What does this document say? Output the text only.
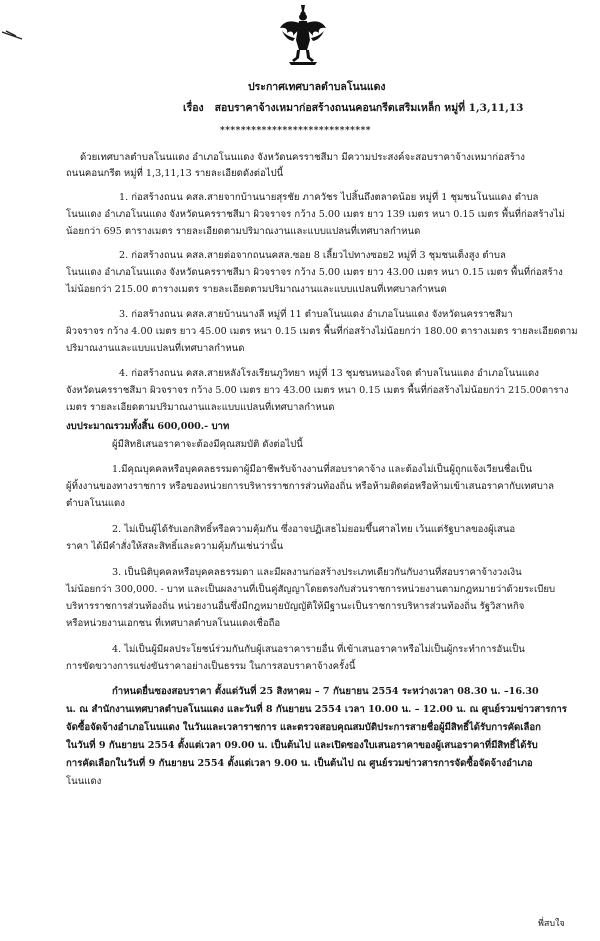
ประกาศเทศบาลตำบลโนนแดง
เรื่อง สอบราคาจ้างเหมาก่อสร้างถนนคอนกรีตเสริมเหล็ก หมู่ที่ 1,3,11,13
*****************************
ด้วยเทศบาลตำบลโนนแดง อำเภอโนนแดง จังหวัดนครราชสีมา มีความประสงค์จะสอบราคาจ้างเหมาก่อสร้าง
ถนนคอนกรีต หมู่ที่ 1,3,11,13 รายละเอียดดังต่อไปนี้
1. ก่อสร้างถนน คสล.สายจากบ้านนายสุรชัย ภาควัชร ไปสิ้นถึงตลาดน้อย หมู่ที่ 1 ชุมชนโนนแดง ตำบล
โนนแดง อำเภอโนนแดง จังหวัดนครราชสีมา ผิวจราจร กว้าง 5.00 เมตร ยาว 139 เมตร หนา 0.15 เมตร พื้นที่ก่อสร้างไม่
น้อยกว่า 695 ตารางเมตร รายละเอียดตามปริมาณงานและแบบแปลนที่เทศบาลกำหนด
2. ก่อสร้างถนน คสล.สายต่อจากถนนคสล.ซอย 8 เลี้ยวไปทางซอย2 หมู่ที่ 3 ชุมชนเต็งสูง ตำบล
โนนแดง อำเภอโนนแดง จังหวัดนครราชสีมา ผิวจราจร กว้าง 5.00 เมตร ยาว 43.00 เมตร หนา 0.15 เมตร พื้นที่ก่อสร้าง
ไม่น้อยกว่า 215.00 ตารางเมตร รายละเอียดตามปริมาณงานและแบบแปลนที่เทศบาลกำหนด
3. ก่อสร้างถนน คสล.สายบ้านนางลี หมู่ที่ 11 ตำบลโนนแดง อำเภอโนนแดง จังหวัดนครราชสีมา
ผิวจราจร กว้าง 4.00 เมตร ยาว 45.00 เมตร หนา 0.15 เมตร พื้นที่ก่อสร้างไม่น้อยกว่า 180.00 ตารางเมตร รายละเอียดตาม
ปริมาณงานและแบบแปลนที่เทศบาลกำหนด
4. ก่อสร้างถนน คสล.สายหลังโรงเรียนภูวิทยา หมู่ที่ 13 ชุมชนหนองโจด ตำบลโนนแดง อำเภอโนนแดง
จังหวัดนครราชสีมา ผิวจราจร กว้าง 5.00 เมตร ยาว 43.00 เมตร หนา 0.15 เมตร พื้นที่ก่อสร้างไม่น้อยกว่า 215.00ตาราง
เมตร รายละเอียดตามปริมาณงานและแบบแปลนที่เทศบาลกำหนด
งบประมาณรวมทั้งสิ้น 600,000.- บาท
ผู้มีสิทธิเสนอราคาจะต้องมีคุณสมบัติ ดังต่อไปนี้
1.มีคุณบุคคลหรือบุคคลธรรมดาผู้มีอาชีพรับจ้างงานที่สอบราคาจ้าง และต้องไม่เป็นผู้ถูกแจ้งเวียนชื่อเป็น
ผู้ทิ้งงานของทางราชการ หรือของหน่วยการบริหารราชการส่วนท้องถิ่น หรือห้ามติดต่อหรือห้ามเข้าเสนอราคากับเทศบาล
ตำบลโนนแดง
2. ไม่เป็นผู้ได้รับเอกสิทธิ์หรือความคุ้มกัน ซึ่งอาจปฏิเสธไม่ยอมขึ้นศาลไทย เว้นแต่รัฐบาลของผู้เสนอ
ราคา ได้มีคำสั่งให้สละสิทธิ์และความคุ้มกันเช่นว่านั้น
3. เป็นนิติบุคคลหรือบุคคลธรรมดา และมีผลงานก่อสร้างประเภทเดียวกันกับงานที่สอบราคาจ้างวงเงิน
ไม่น้อยกว่า 300,000. - บาท และเป็นผลงานที่เป็นคู่สัญญาโดยตรงกับส่วนราชการหน่วยงานตามกฎหมายว่าด้วยระเบียบ
บริหารราชการส่วนท้องถิ่น หน่วยงานอื่นซึ่งมีกฎหมายบัญญัติให้มีฐานะเป็นราชการบริหารส่วนท้องถิ่น รัฐวิสาหกิจ
หรือหน่วยงานเอกชน ที่เทศบาลตำบลโนนแดงเชื่อถือ
4. ไม่เป็นผู้มีผลประโยชน์ร่วมกันกับผู้เสนอราคารายอื่น ที่เข้าเสนอราคาหรือไม่เป็นผู้กระทำการอันเป็น
การขัดขวางการแข่งขันราคาอย่างเป็นธรรม ในการสอบราคาจ้างครั้งนี้
กำหนดยื่นซองสอบราคา ตั้งแต่วันที่ 25 สิงหาคม – 7 กันยายน 2554 ระหว่างเวลา 08.30 น. –16.30
น. ณ สำนักงานเทศบาลตำบลโนนแดง และวันที่ 8 กันยายน 2554 เวลา 10.00 น. – 12.00 น. ณ ศูนย์รวมข่าวสารการ
จัดซื้อจัดจ้างอำเภอโนนแดง ในวันและเวลาราชการ และตรวจสอบคุณสมบัติประการสายชื่อผู้มีสิทธิ์ได้รับการคัดเลือก
ในวันที่ 9 กันยายน 2554 ตั้งแต่เวลา 09.00 น. เป็นต้นไป และเปิดซองใบเสนอราคาของผู้เสนอราคาที่มีสิทธิ์ได้รับ
การคัดเลือกในวันที่ 9 กันยายน 2554 ตั้งแต่เวลา 9.00 น. เป็นต้นไป ณ ศูนย์รวมข่าวสารการจัดซื้อจัดจ้างอำเภอ
โนนแดง
พี่สบใจ
